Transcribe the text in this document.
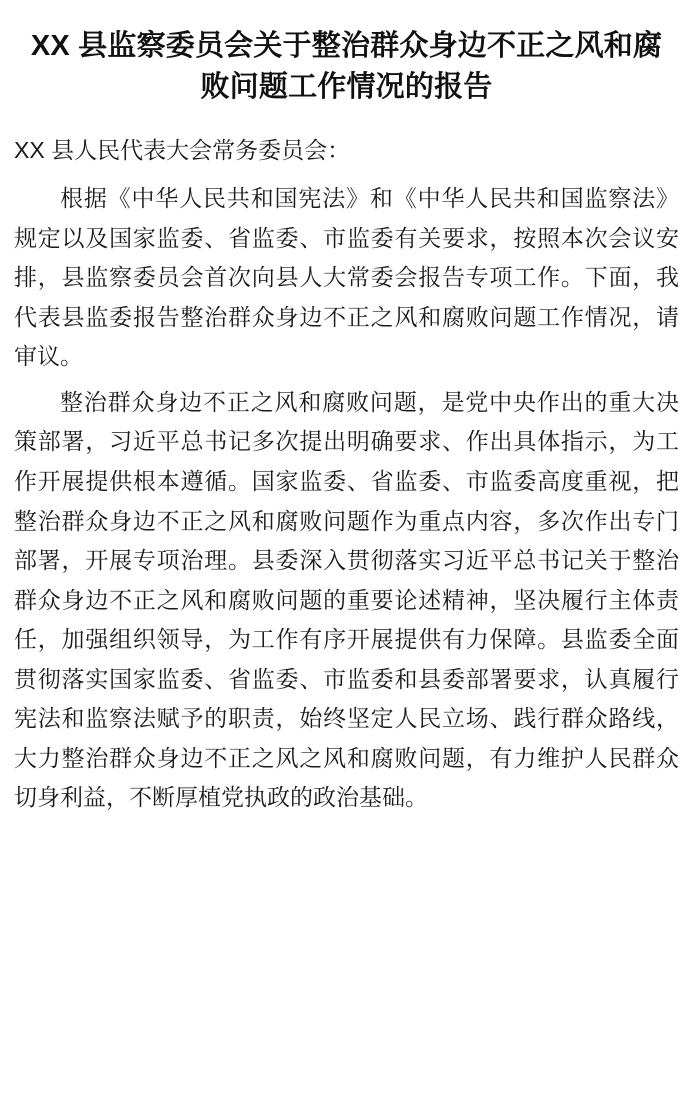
XX 县监察委员会关于整治群众身边不正之风和腐败问题工作情况的报告

XX 县人民代表大会常务委员会：

根据《中华人民共和国宪法》和《中华人民共和国监察法》规定以及国家监委、省监委、市监委有关要求，按照本次会议安排，县监察委员会首次向县人大常委会报告专项工作。下面，我代表县监委报告整治群众身边不正之风和腐败问题工作情况，请审议。

整治群众身边不正之风和腐败问题，是党中央作出的重大决策部署，习近平总书记多次提出明确要求、作出具体指示，为工作开展提供根本遵循。国家监委、省监委、市监委高度重视，把整治群众身边不正之风和腐败问题作为重点内容，多次作出专门部署，开展专项治理。县委深入贯彻落实习近平总书记关于整治群众身边不正之风和腐败问题的重要论述精神，坚决履行主体责任，加强组织领导，为工作有序开展提供有力保障。县监委全面贯彻落实国家监委、省监委、市监委和县委部署要求，认真履行宪法和监察法赋予的职责，始终坚定人民立场、践行群众路线，大力整治群众身边不正之风之风和腐败问题，有力维护人民群众切身利益，不断厚植党执政的政治基础。
